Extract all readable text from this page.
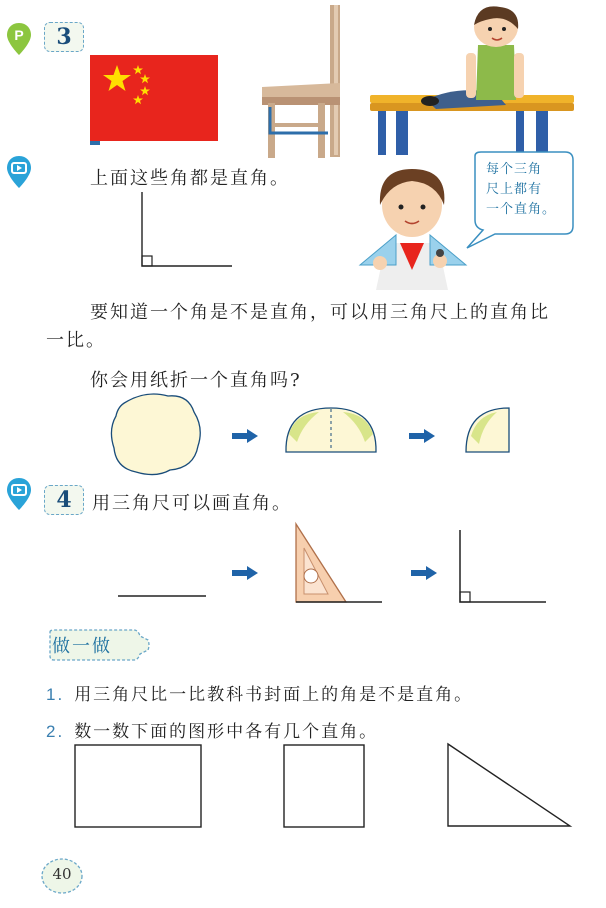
P	3
上面这些角都是直角。	每个三角
尺上都有
一个直角。
要知道一个角是不是直角，可以用三角尺上的直角比
一比。
你会用纸折一个直角吗?
4	用三角尺可以画直角。
做一做
1. 用三角尺比一比教科书封面上的角是不是直角。
2. 数一数下面的图形中各有几个直角。
40
